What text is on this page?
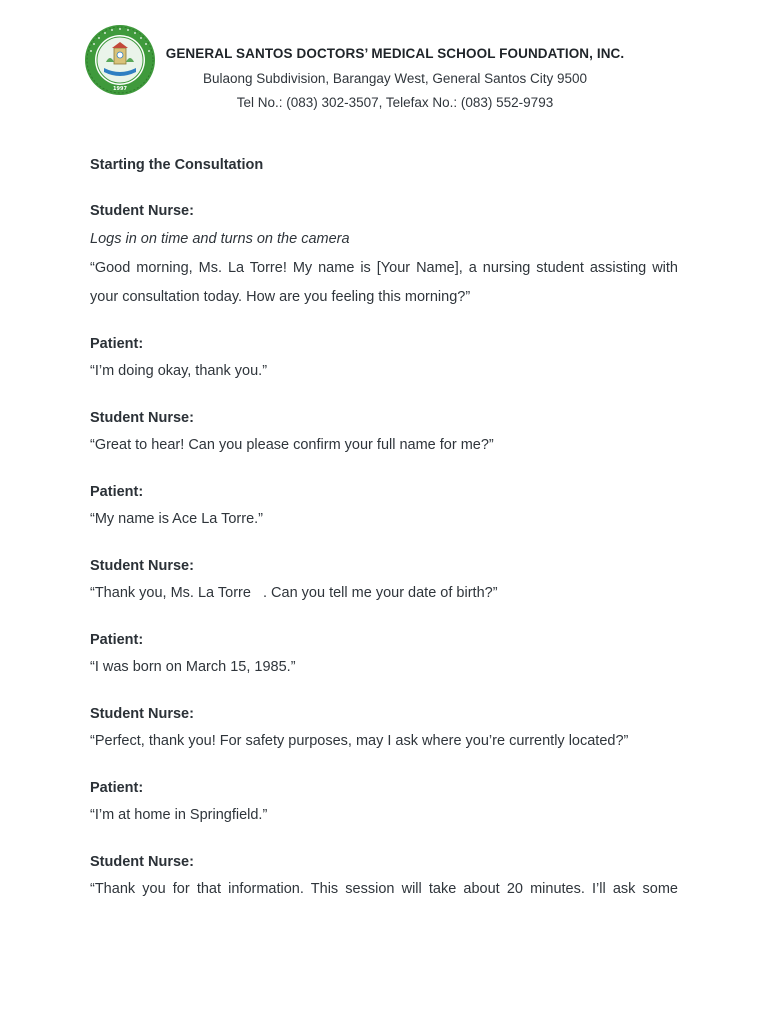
1997
GENERAL SANTOS DOCTORS’ MEDICAL SCHOOL FOUNDATION, INC.
Bulaong Subdivision, Barangay West, General Santos City 9500
Tel No.: (083) 302-3507, Telefax No.: (083) 552-9793
Starting the Consultation
Student Nurse:
Logs in on time and turns on the camera
“Good morning, Ms. La Torre! My name is [Your Name], a nursing student assisting with
your consultation today. How are you feeling this morning?”
Patient:
“I’m doing okay, thank you.”
Student Nurse:
“Great to hear! Can you please confirm your full name for me?”
Patient:
“My name is Ace La Torre.”
Student Nurse:
“Thank you, Ms. La Torre   . Can you tell me your date of birth?”
Patient:
“I was born on March 15, 1985.”
Student Nurse:
“Perfect, thank you! For safety purposes, may I ask where you’re currently located?”
Patient:
“I’m at home in Springfield.”
Student Nurse:
“Thank you for that information. This session will take about 20 minutes. I’ll ask some
